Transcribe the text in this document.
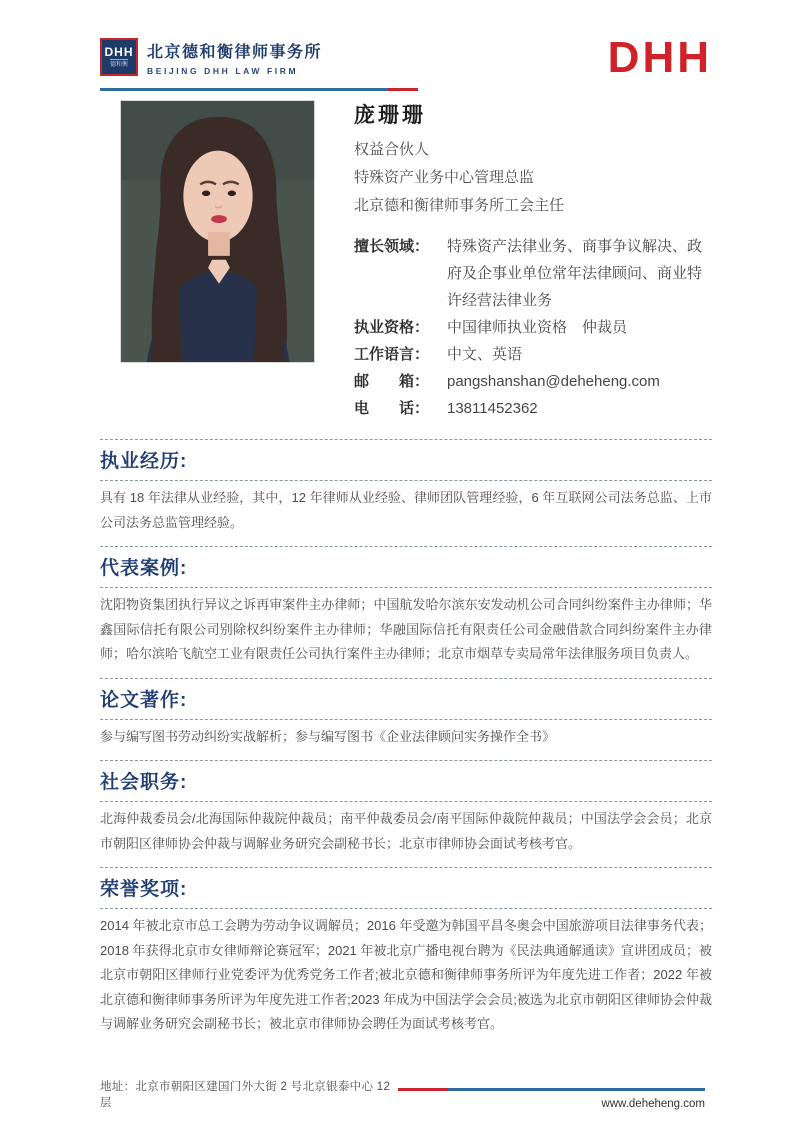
DHH
德和衡
北京德和衡律师事务所
BEIJING DHH LAW FIRM	DHH
庞珊珊
权益合伙人
特殊资产业务中心管理总监
北京德和衡律师事务所工会主任
擅长领域：	特殊资产法律业务、商事争议解决、政府及企事业单位常年法律顾问、商业特许经营法律业务
执业资格：	中国律师执业资格　仲裁员
工作语言：	中文、英语
邮　　箱：	pangshanshan@deheheng.com
电　　话：	13811452362
执业经历:

具有 18 年法律从业经验，其中，12 年律师从业经验、律师团队管理经验，6 年互联网公司法务总监、上市公司法务总监管理经验。

代表案例:

沈阳物资集团执行异议之诉再审案件主办律师；中国航发哈尔滨东安发动机公司合同纠纷案件主办律师；华鑫国际信托有限公司别除权纠纷案件主办律师；华融国际信托有限责任公司金融借款合同纠纷案件主办律师；哈尔滨哈飞航空工业有限责任公司执行案件主办律师；北京市烟草专卖局常年法律服务项目负责人。

论文著作:

参与编写图书劳动纠纷实战解析；参与编写图书《企业法律顾问实务操作全书》

社会职务:

北海仲裁委员会/北海国际仲裁院仲裁员；南平仲裁委员会/南平国际仲裁院仲裁员；中国法学会会员；北京市朝阳区律师协会仲裁与调解业务研究会副秘书长；北京市律师协会面试考核考官。

荣誉奖项:

2014 年被北京市总工会聘为劳动争议调解员；2016 年受邀为韩国平昌冬奥会中国旅游项目法律事务代表；2018 年获得北京市女律师辩论赛冠军；2021 年被北京广播电视台聘为《民法典通解通读》宣讲团成员；被北京市朝阳区律师行业党委评为优秀党务工作者;被北京德和衡律师事务所评为年度先进工作者；2022 年被北京德和衡律师事务所评为年度先进工作者;2023 年成为中国法学会会员;被选为北京市朝阳区律师协会仲裁与调解业务研究会副秘书长；被北京市律师协会聘任为面试考核考官。

地址：北京市朝阳区建国门外大街 2 号北京银泰中心 12 层	www.deheheng.com
